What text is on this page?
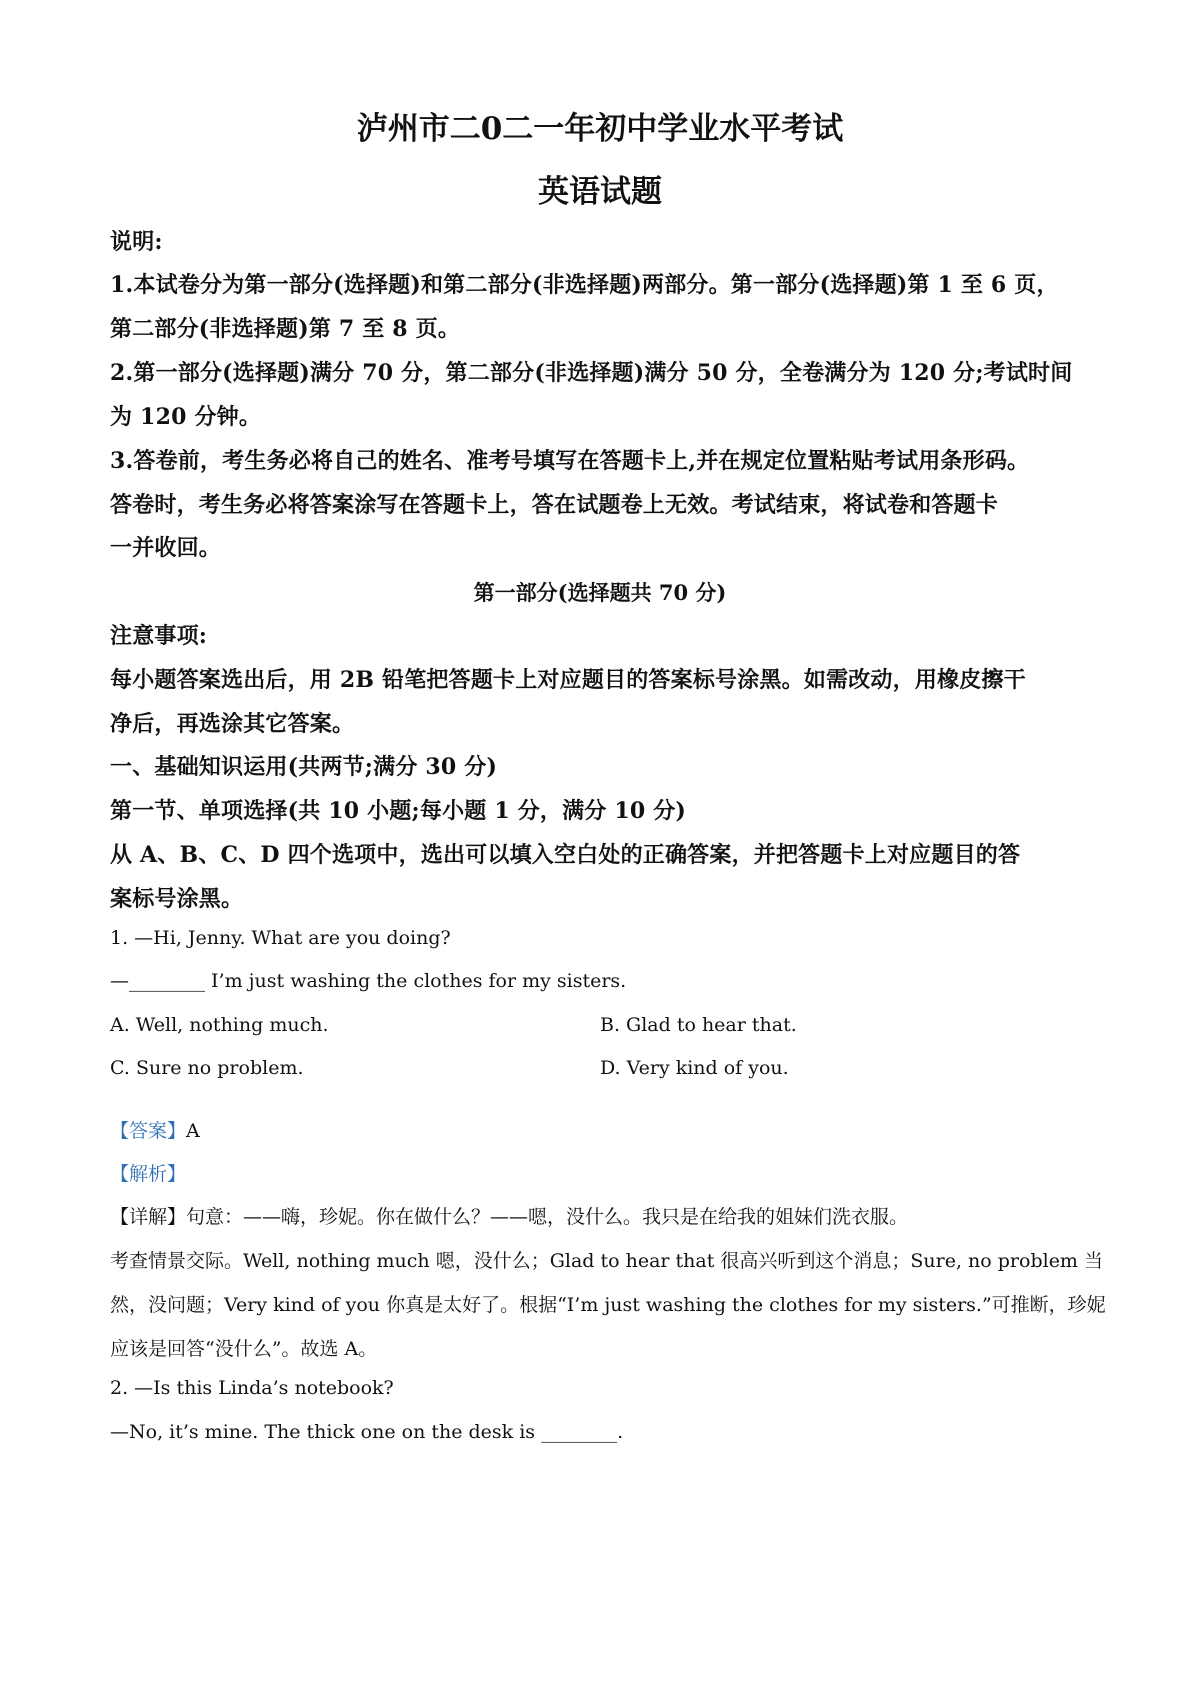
泸州市二0二一年初中学业水平考试
英语试题
说明:
1.本试卷分为第一部分(选择题)和第二部分(非选择题)两部分。第一部分(选择题)第 1 至 6 页，
第二部分(非选择题)第 7 至 8 页。
2.第一部分(选择题)满分 70 分，第二部分(非选择题)满分 50 分，全卷满分为 120 分;考试时间
为 120 分钟。
3.答卷前，考生务必将自己的姓名、准考号填写在答题卡上,并在规定位置粘贴考试用条形码。
答卷时，考生务必将答案涂写在答题卡上，答在试题卷上无效。考试结束，将试卷和答题卡
一并收回。
第一部分(选择题共 70 分)
注意事项:
每小题答案选出后，用 2B 铅笔把答题卡上对应题目的答案标号涂黑。如需改动，用橡皮擦干
净后，再选涂其它答案。
一、基础知识运用(共两节;满分 30 分)
第一节、单项选择(共 10 小题;每小题 1 分，满分 10 分)
从 A、B、C、D 四个选项中，选出可以填入空白处的正确答案，并把答题卡上对应题目的答
案标号涂黑。
1. —Hi, Jenny. What are you doing?
—________ I’m just washing the clothes for my sisters.
A. Well, nothing much.	B. Glad to hear that.
C. Sure no problem.	D. Very kind of you.
【答案】A
【解析】
【详解】句意：——嗨，珍妮。你在做什么？——嗯，没什么。我只是在给我的姐妹们洗衣服。
考查情景交际。Well, nothing much 嗯，没什么；Glad to hear that 很高兴听到这个消息；Sure, no problem 当
然，没问题；Very kind of you 你真是太好了。根据“I’m just washing the clothes for my sisters.”可推断，珍妮
应该是回答“没什么”。故选 A。
2. —Is this Linda’s notebook?
—No, it’s mine. The thick one on the desk is ________.
